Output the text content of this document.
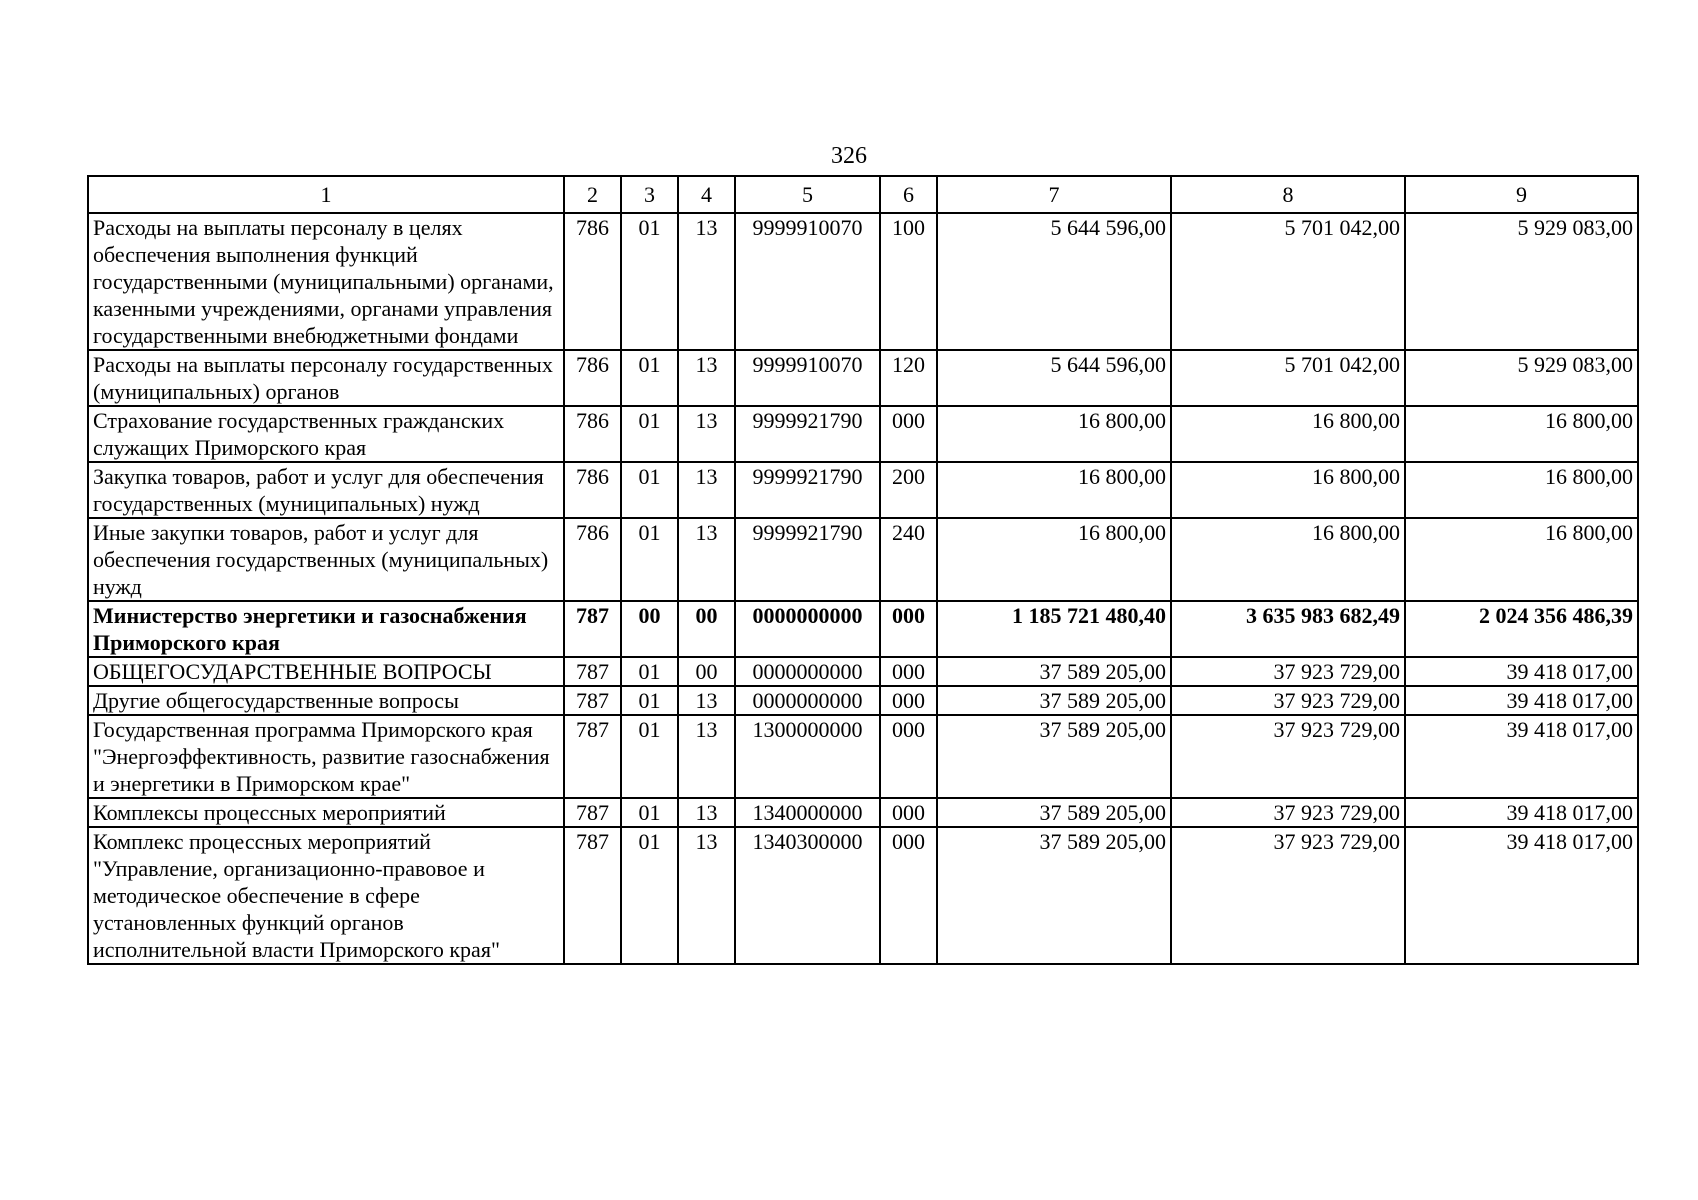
326
1	2	3	4	5	6	7	8	9
Расходы на выплаты персоналу в целях обеспечения выполнения функций государственными (муниципальными) органами, казенными учреждениями, органами управления государственными внебюджетными фондами	786	01	13	9999910070	100	5 644 596,00	5 701 042,00	5 929 083,00
Расходы на выплаты персоналу государственных (муниципальных) органов	786	01	13	9999910070	120	5 644 596,00	5 701 042,00	5 929 083,00
Страхование государственных гражданских служащих Приморского края	786	01	13	9999921790	000	16 800,00	16 800,00	16 800,00
Закупка товаров, работ и услуг для обеспечения государственных (муниципальных) нужд	786	01	13	9999921790	200	16 800,00	16 800,00	16 800,00
Иные закупки товаров, работ и услуг для обеспечения государственных (муниципальных) нужд	786	01	13	9999921790	240	16 800,00	16 800,00	16 800,00
Министерство энергетики и газоснабжения Приморского края	787	00	00	0000000000	000	1 185 721 480,40	3 635 983 682,49	2 024 356 486,39
ОБЩЕГОСУДАРСТВЕННЫЕ ВОПРОСЫ	787	01	00	0000000000	000	37 589 205,00	37 923 729,00	39 418 017,00
Другие общегосударственные вопросы	787	01	13	0000000000	000	37 589 205,00	37 923 729,00	39 418 017,00
Государственная программа Приморского края "Энергоэффективность, развитие газоснабжения и энергетики в Приморском крае"	787	01	13	1300000000	000	37 589 205,00	37 923 729,00	39 418 017,00
Комплексы процессных мероприятий	787	01	13	1340000000	000	37 589 205,00	37 923 729,00	39 418 017,00
Комплекс процессных мероприятий "Управление, организационно-правовое и методическое обеспечение в сфере установленных функций органов исполнительной власти Приморского края"	787	01	13	1340300000	000	37 589 205,00	37 923 729,00	39 418 017,00
